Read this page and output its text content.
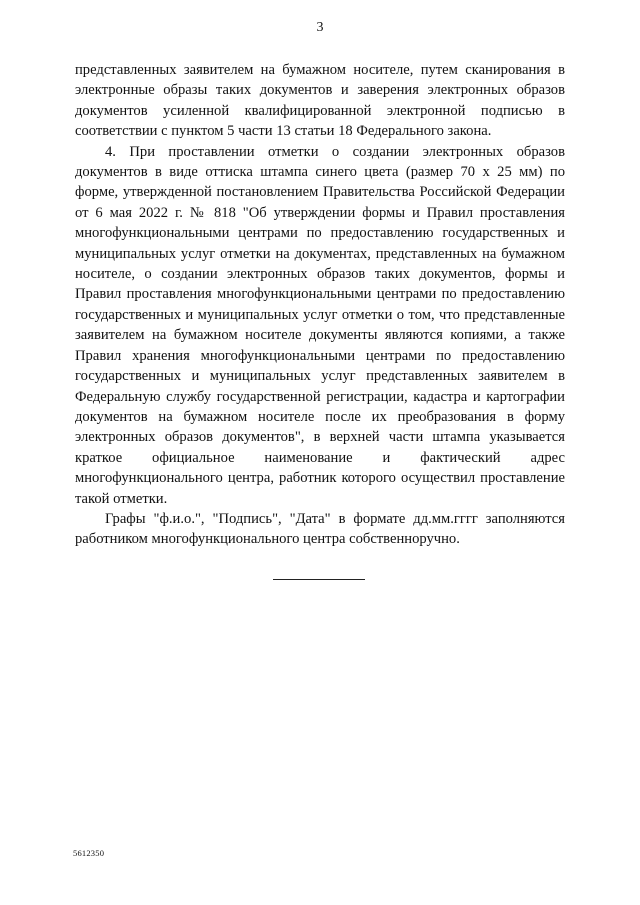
3

представленных заявителем на бумажном носителе, путем сканирования в электронные образы таких документов и заверения электронных образов документов усиленной квалифицированной электронной подписью в соответствии с пунктом 5 части 13 статьи 18 Федерального закона.

4. При проставлении отметки о создании электронных образов документов в виде оттиска штампа синего цвета (размер 70 x 25 мм) по форме, утвержденной постановлением Правительства Российской Федерации от 6 мая 2022 г. № 818 "Об утверждении формы и Правил проставления многофункциональными центрами по предоставлению государственных и муниципальных услуг отметки на документах, представленных на бумажном носителе, о создании электронных образов таких документов, формы и Правил проставления многофункциональными центрами по предоставлению государственных и муниципальных услуг отметки о том, что представленные заявителем на бумажном носителе документы являются копиями, а также Правил хранения многофункциональными центрами по предоставлению государственных и муниципальных услуг представленных заявителем в Федеральную службу государственной регистрации, кадастра и картографии документов на бумажном носителе после их преобразования в форму электронных образов документов", в верхней части штампа указывается краткое официальное наименование и фактический адрес многофункционального центра, работник которого осуществил проставление такой отметки.

Графы "ф.и.о.", "Подпись", "Дата" в формате дд.мм.гггг заполняются работником многофункционального центра собственноручно.

5612350
